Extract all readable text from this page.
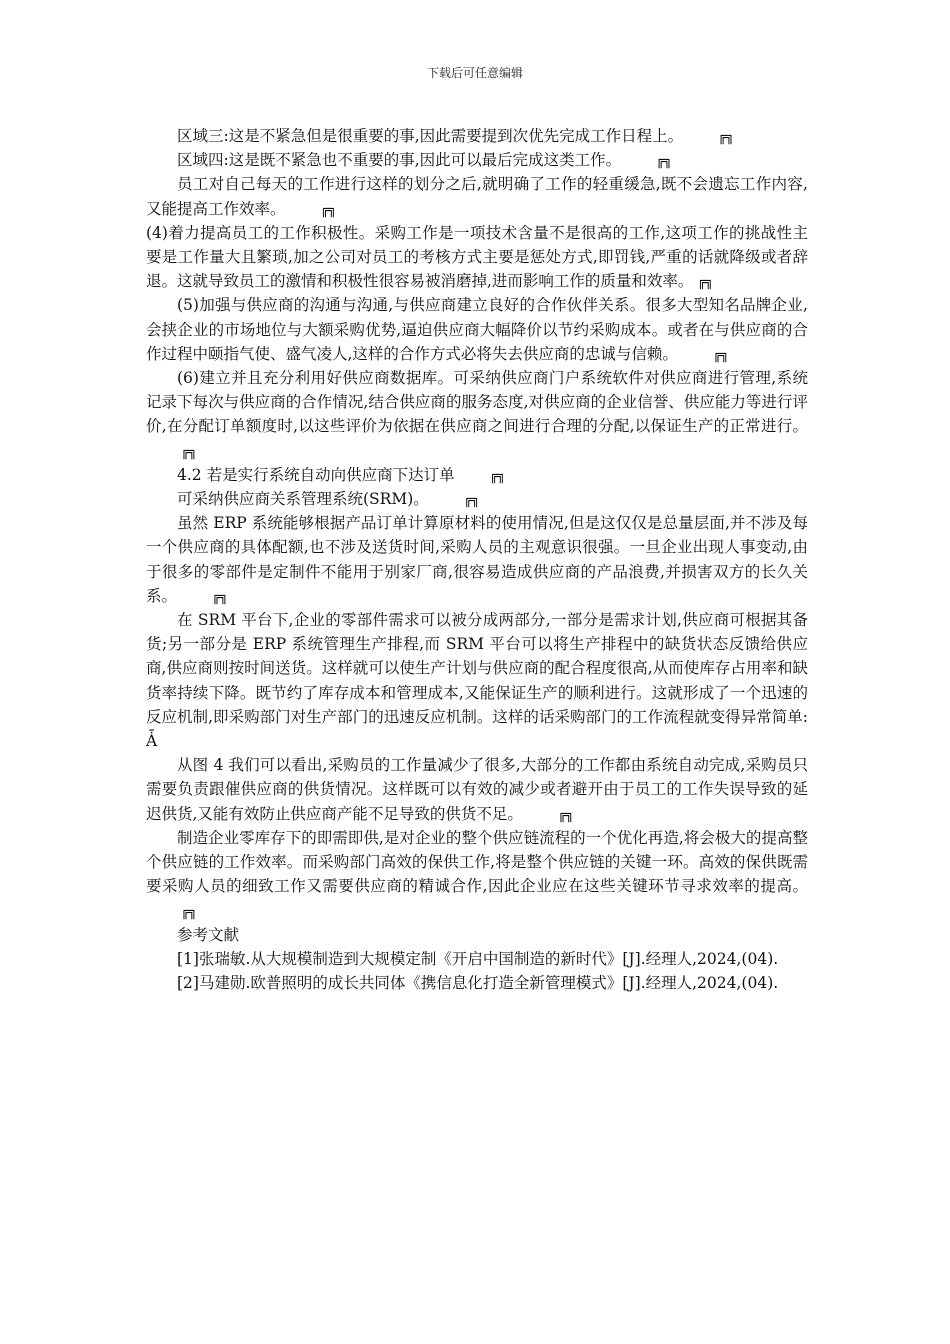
下载后可任意编辑

区域三:这是不紧急但是很重要的事,因此需要提到次优先完成工作日程上。	╔╗

区域四:这是既不紧急也不重要的事,因此可以最后完成这类工作。	╔╗

员工对自己每天的工作进行这样的划分之后,就明确了工作的轻重缓急,既不会遗忘工作内容,又能提高工作效率。	╔╗

(4)着力提高员工的工作积极性。采购工作是一项技术含量不是很高的工作,这项工作的挑战性主要是工作量大且繁琐,加之公司对员工的考核方式主要是惩处方式,即罚钱,严重的话就降级或者辞退。这就导致员工的激情和积极性很容易被消磨掉,进而影响工作的质量和效率。 ╔╗

(5)加强与供应商的沟通与沟通,与供应商建立良好的合作伙伴关系。很多大型知名品牌企业,会挟企业的市场地位与大额采购优势,逼迫供应商大幅降价以节约采购成本。或者在与供应商的合作过程中颐指气使、盛气凌人,这样的合作方式必将失去供应商的忠诚与信赖。	╔╗

(6)建立并且充分利用好供应商数据库。可采纳供应商门户系统软件对供应商进行管理,系统记录下每次与供应商的合作情况,结合供应商的服务态度,对供应商的企业信誉、供应能力等进行评价,在分配订单额度时,以这些评价为依据在供应商之间进行合理的分配,以保证生产的正常进行。╔╗

4.2 若是实行系统自动向供应商下达订单	╔╗

可采纳供应商关系管理系统(SRM)。	╔╗

虽然 ERP 系统能够根据产品订单计算原材料的使用情况,但是这仅仅是总量层面,并不涉及每一个供应商的具体配额,也不涉及送货时间,采购人员的主观意识很强。一旦企业出现人事变动,由于很多的零部件是定制件不能用于别家厂商,很容易造成供应商的产品浪费,并损害双方的长久关系。	╔╗

在 SRM 平台下,企业的零部件需求可以被分成两部分,一部分是需求计划,供应商可根据其备货;另一部分是 ERP 系统管理生产排程,而 SRM 平台可以将生产排程中的缺货状态反馈给供应商,供应商则按时间送货。这样就可以使生产计划与供应商的配合程度很高,从而使库存占用率和缺货率持续下降。既节约了库存成本和管理成本,又能保证生产的顺利进行。这就形成了一个迅速的反应机制,即采购部门对生产部门的迅速反应机制。这样的话采购部门的工作流程就变得异常简单:Ǡ

从图 4 我们可以看出,采购员的工作量减少了很多,大部分的工作都由系统自动完成,采购员只需要负责跟催供应商的供货情况。这样既可以有效的减少或者避开由于员工的工作失误导致的延迟供货,又能有效防止供应商产能不足导致的供货不足。	╔╗

制造企业零库存下的即需即供,是对企业的整个供应链流程的一个优化再造,将会极大的提高整个供应链的工作效率。而采购部门高效的保供工作,将是整个供应链的关键一环。高效的保供既需要采购人员的细致工作又需要供应商的精诚合作,因此企业应在这些关键环节寻求效率的提高。╔╗

参考文献

[1]张瑞敏.从大规模制造到大规模定制《开启中国制造的新时代》[J].经理人,2024,(04).

[2]马建勋.欧普照明的成长共同体《携信息化打造全新管理模式》[J].经理人,2024,(04).
